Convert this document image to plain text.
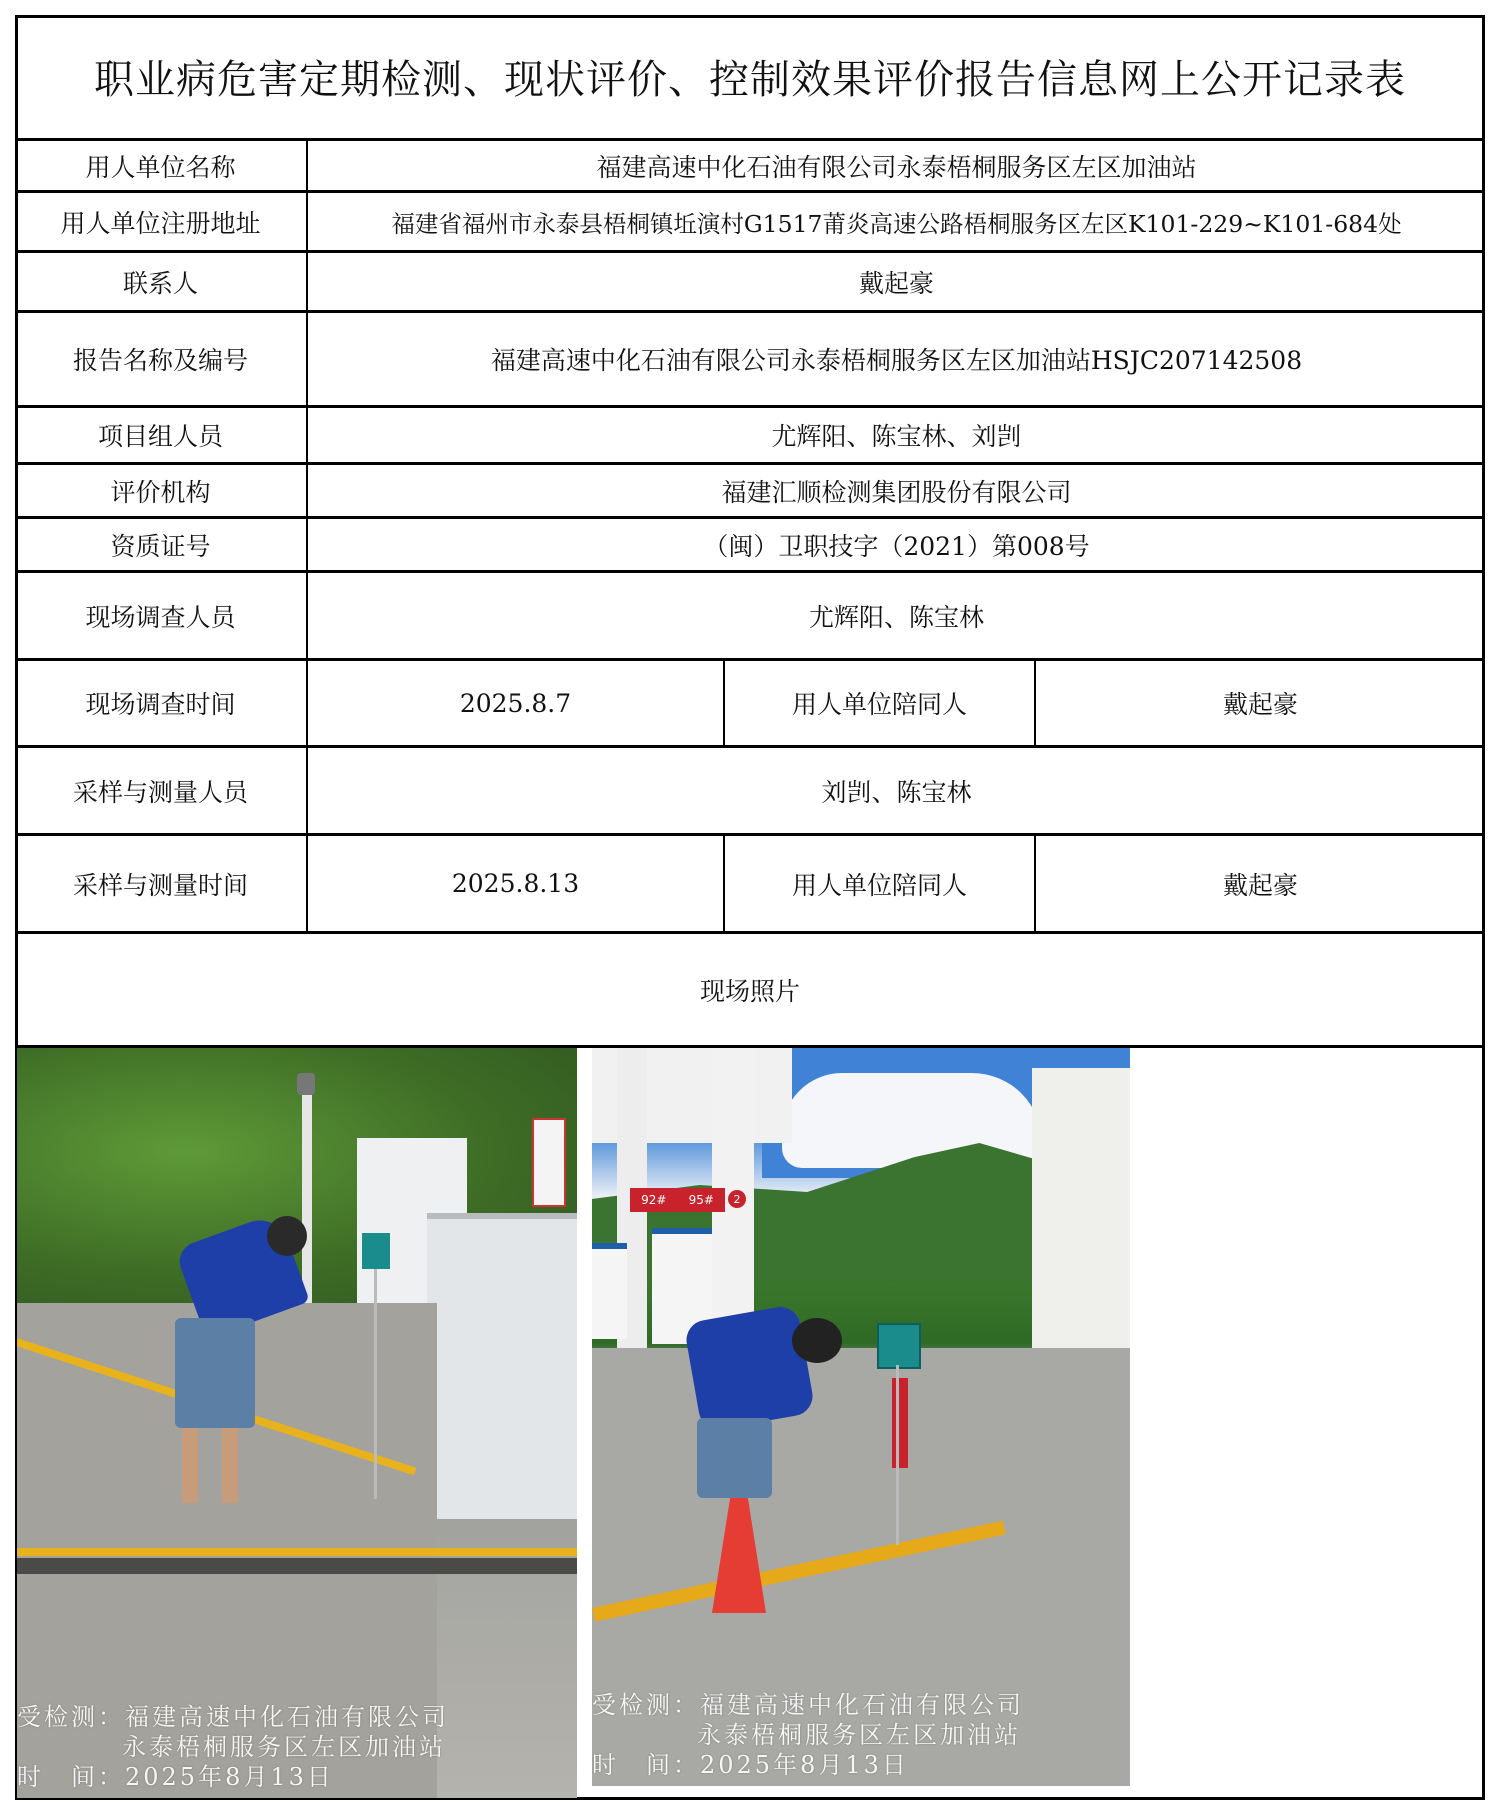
职业病危害定期检测、现状评价、控制效果评价报告信息网上公开记录表
用人单位名称	福建高速中化石油有限公司永泰梧桐服务区左区加油站
用人单位注册地址	福建省福州市永泰县梧桐镇坵演村G1517莆炎高速公路梧桐服务区左区K101-229~K101-684处
联系人	戴起豪
报告名称及编号	福建高速中化石油有限公司永泰梧桐服务区左区加油站HSJC207142508
项目组人员	尤辉阳、陈宝林、刘剀
评价机构	福建汇顺检测集团股份有限公司
资质证号	（闽）卫职技字（2021）第008号
现场调查人员	尤辉阳、陈宝林
现场调查时间	2025.8.7	用人单位陪同人	戴起豪
采样与测量人员	刘剀、陈宝林
采样与测量时间	2025.8.13	用人单位陪同人	戴起豪
现场照片
受检测：福建高速中化石油有限公司
永泰梧桐服务区左区加油站
时　间：2025年8月13日
92# 95#	2
受检测：福建高速中化石油有限公司
永泰梧桐服务区左区加油站
时　间：2025年8月13日
